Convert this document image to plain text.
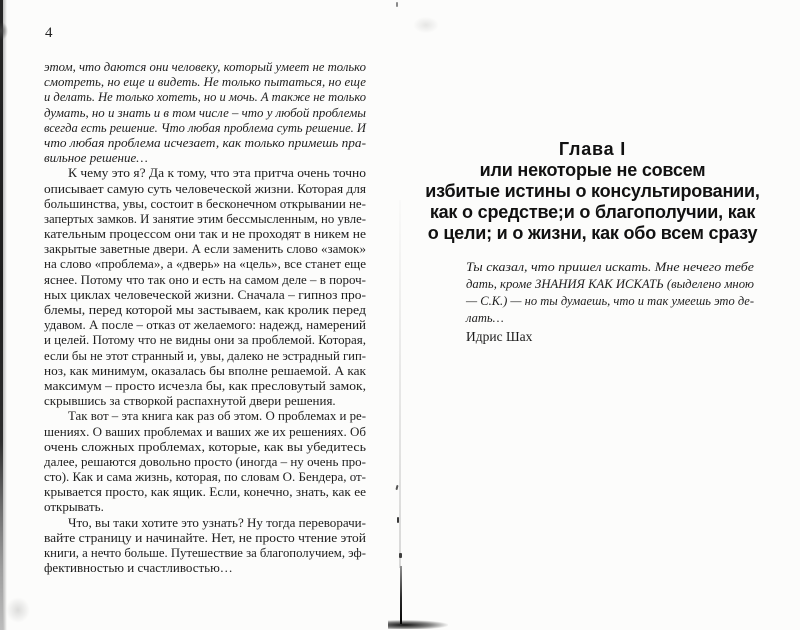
4
этом, что даются они человеку, который умеет не только
смотреть, но еще и видеть. Не только пытаться, но еще
и делать. Не только хотеть, но и мочь. А также не только
думать, но и знать и в том числе – что у любой проблемы
всегда есть решение. Что любая проблема суть решение. И
что любая проблема исчезает, как только примешь пра-
вильное решение…
К чему это я? Да к тому, что эта притча очень точно
описывает самую суть человеческой жизни. Которая для
большинства, увы, состоит в бесконечном открывании не-
запертых замков. И занятие этим бессмысленным, но увле-
кательным процессом они так и не проходят в никем не
закрытые заветные двери. А если заменить слово «замок»
на слово «проблема», а «дверь» на «цель», все станет еще
яснее. Потому что так оно и есть на самом деле – в пороч-
ных циклах человеческой жизни. Сначала – гипноз про-
блемы, перед которой мы застываем, как кролик перед
удавом. А после – отказ от желаемого: надежд, намерений
и целей. Потому что не видны они за проблемой. Которая,
если бы не этот странный и, увы, далеко не эстрадный гип-
ноз, как минимум, оказалась бы вполне решаемой. А как
максимум – просто исчезла бы, как пресловутый замок,
скрывшись за створкой распахнутой двери решения.
Так вот – эта книга как раз об этом. О проблемах и ре-
шениях. О ваших проблемах и ваших же их решениях. Об
очень сложных проблемах, которые, как вы убедитесь
далее, решаются довольно просто (иногда – ну очень про-
сто). Как и сама жизнь, которая, по словам О. Бендера, от-
крывается просто, как ящик. Если, конечно, знать, как ее
открывать.
Что, вы таки хотите это узнать? Ну тогда переворачи-
вайте страницу и начинайте. Нет, не просто чтение этой
книги, а нечто больше. Путешествие за благополучием, эф-
фективностью и счастливостью…
Глава I
или некоторые не совсем
избитые истины о консультировании,
как о средстве;и о благополучии, как
о цели; и о жизни, как обо всем сразу
Ты сказал, что пришел искать. Мне нечего тебе
дать, кроме ЗНАНИЯ КАК ИСКАТЬ (выделено мною
— С.К.) — но ты думаешь, что и так умеешь это де-
лать…
Идрис Шах
